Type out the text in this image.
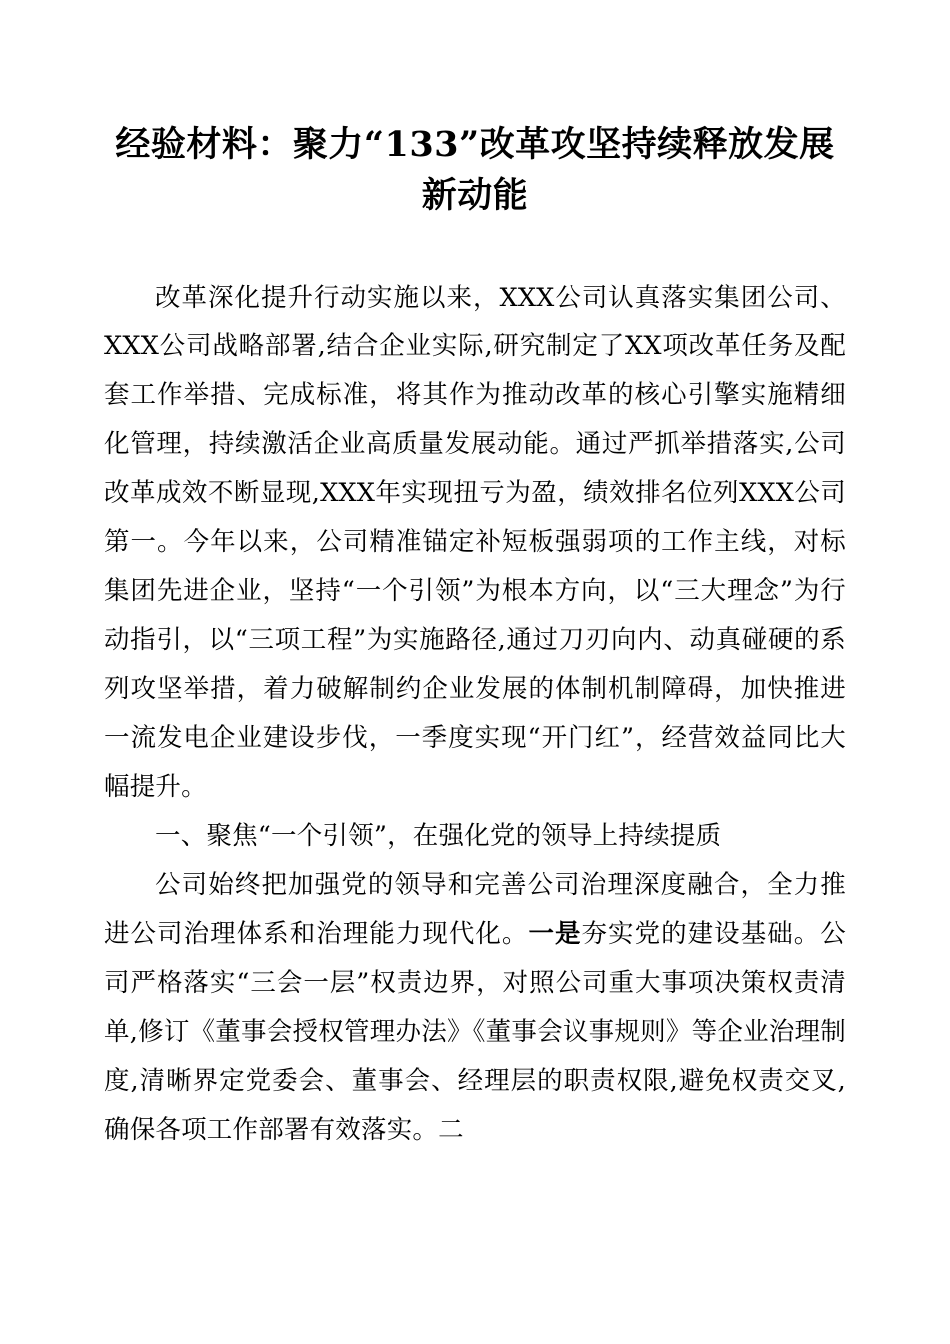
经验材料：聚力“133”改革攻坚持续释放发展新动能

改革深化提升行动实施以来，XXX公司认真落实集团公司、XXX公司战略部署,结合企业实际,研究制定了XX项改革任务及配套工作举措、完成标准，将其作为推动改革的核心引擎实施精细化管理，持续激活企业高质量发展动能。通过严抓举措落实,公司改革成效不断显现,XXX年实现扭亏为盈，绩效排名位列XXX公司第一。今年以来，公司精准锚定补短板强弱项的工作主线，对标集团先进企业，坚持“一个引领”为根本方向，以“三大理念”为行动指引，以“三项工程”为实施路径,通过刀刃向内、动真碰硬的系列攻坚举措，着力破解制约企业发展的体制机制障碍，加快推进一流发电企业建设步伐，一季度实现“开门红”，经营效益同比大幅提升。

一、聚焦“一个引领”，在强化党的领导上持续提质

公司始终把加强党的领导和完善公司治理深度融合，全力推进公司治理体系和治理能力现代化。一是夯实党的建设基础。公司严格落实“三会一层”权责边界，对照公司重大事项决策权责清单,修订《董事会授权管理办法》《董事会议事规则》等企业治理制度,清晰界定党委会、董事会、经理层的职责权限,避免权责交叉,确保各项工作部署有效落实。二
